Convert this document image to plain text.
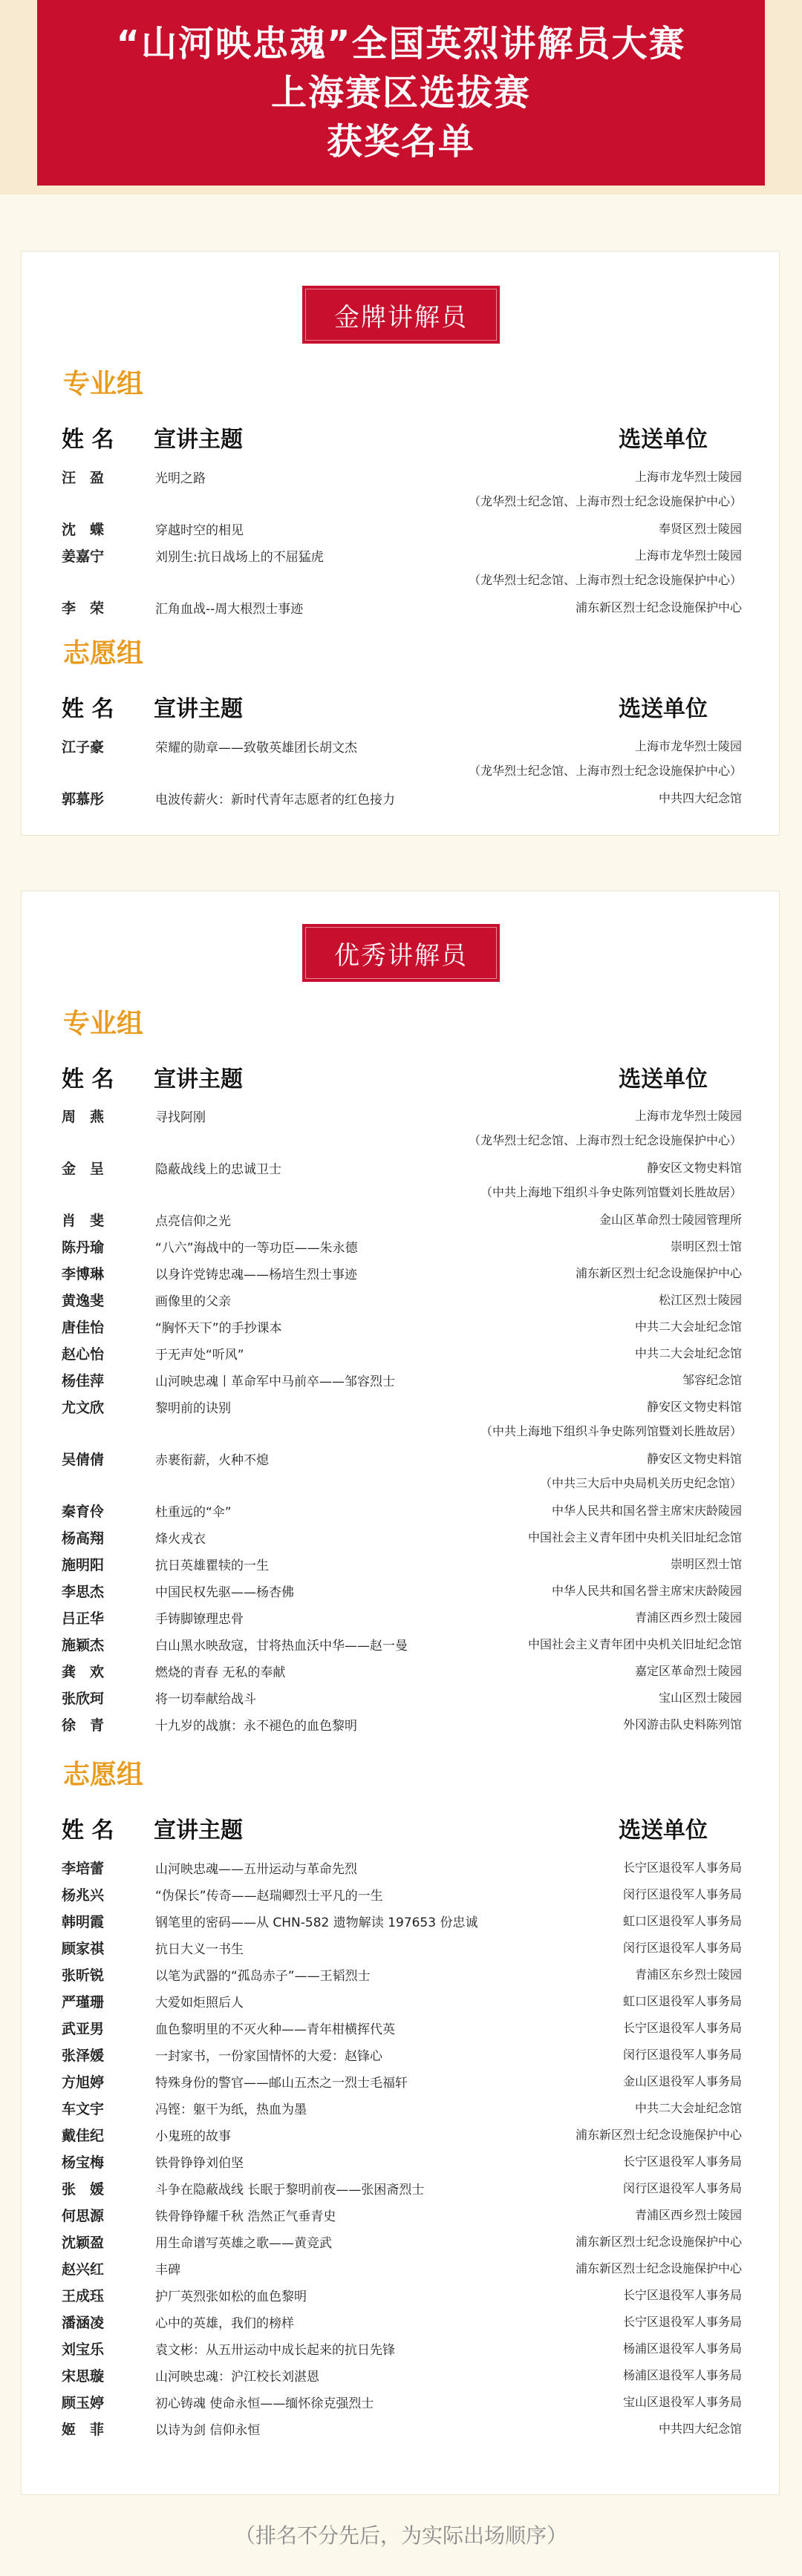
“山河映忠魂”全国英烈讲解员大赛
上海赛区选拔赛
获奖名单
金牌讲解员
专业组
姓 名 宣讲主题	选送单位
汪　盈	光明之路	上海市龙华烈士陵园
（龙华烈士纪念馆、上海市烈士纪念设施保护中心）
沈　蝶	穿越时空的相见	奉贤区烈士陵园
姜嘉宁	刘别生:抗日战场上的不屈猛虎	上海市龙华烈士陵园
（龙华烈士纪念馆、上海市烈士纪念设施保护中心）
李　荣	汇角血战--周大根烈士事迹	浦东新区烈士纪念设施保护中心
志愿组
姓 名 宣讲主题	选送单位
江子豪	荣耀的勋章——致敬英雄团长胡文杰	上海市龙华烈士陵园
（龙华烈士纪念馆、上海市烈士纪念设施保护中心）
郭慕彤	电波传薪火：新时代青年志愿者的红色接力	中共四大纪念馆
优秀讲解员
专业组
姓 名 宣讲主题	选送单位
周　燕	寻找阿刚	上海市龙华烈士陵园
（龙华烈士纪念馆、上海市烈士纪念设施保护中心）
金　呈	隐蔽战线上的忠诚卫士	静安区文物史料馆
（中共上海地下组织斗争史陈列馆暨刘长胜故居）
肖　斐	点亮信仰之光	金山区革命烈士陵园管理所
陈丹瑜	“八六”海战中的一等功臣——朱永德	崇明区烈士馆
李博琳	以身许党铸忠魂——杨培生烈士事迹	浦东新区烈士纪念设施保护中心
黄逸斐	画像里的父亲	松江区烈士陵园
唐佳怡	“胸怀天下”的手抄课本	中共二大会址纪念馆
赵心怡	于无声处“听风”	中共二大会址纪念馆
杨佳萍	山河映忠魂丨革命军中马前卒——邹容烈士	邹容纪念馆
尤文欣	黎明前的诀别	静安区文物史料馆
（中共上海地下组织斗争史陈列馆暨刘长胜故居）
吴倩倩	赤裹衔薪，火种不熄	静安区文物史料馆
（中共三大后中央局机关历史纪念馆）
秦育伶	杜重远的“伞”	中华人民共和国名誉主席宋庆龄陵园
杨高翔	烽火戎衣	中国社会主义青年团中央机关旧址纪念馆
施明阳	抗日英雄瞿犊的一生	崇明区烈士馆
李思杰	中国民权先驱——杨杏佛	中华人民共和国名誉主席宋庆龄陵园
吕正华	手铸脚镣理忠骨	青浦区西乡烈士陵园
施颖杰	白山黑水映敌寇，甘将热血沃中华——赵一曼	中国社会主义青年团中央机关旧址纪念馆
龚　欢	燃烧的青春 无私的奉献	嘉定区革命烈士陵园
张欣珂	将一切奉献给战斗	宝山区烈士陵园
徐　青	十九岁的战旗：永不褪色的血色黎明	外冈游击队史料陈列馆
志愿组
姓 名 宣讲主题	选送单位
李培蕾	山河映忠魂——五卅运动与革命先烈	长宁区退役军人事务局
杨兆兴	“伪保长”传奇——赵瑞卿烈士平凡的一生	闵行区退役军人事务局
韩明霞	钢笔里的密码——从 CHN-582 遗物解读 197653 份忠诚	虹口区退役军人事务局
顾家祺	抗日大义一书生	闵行区退役军人事务局
张昕锐	以笔为武器的“孤岛赤子”——王韬烈士	青浦区东乡烈士陵园
严瑾珊	大爱如炬照后人	虹口区退役军人事务局
武亚男	血色黎明里的不灭火种——青年柑横挥代英	长宁区退役军人事务局
张泽媛	一封家书，一份家国情怀的大爱：赵锋心	闵行区退役军人事务局
方旭婷	特殊身份的警官——邮山五杰之一烈士毛福轩	金山区退役军人事务局
车文宇	冯铿：躯干为纸，热血为墨	中共二大会址纪念馆
戴佳纪	小鬼班的故事	浦东新区烈士纪念设施保护中心
杨宝梅	铁骨铮铮刘伯坚	长宁区退役军人事务局
张　媛	斗争在隐蔽战线 长眠于黎明前夜——张困斋烈士	闵行区退役军人事务局
何思源	铁骨铮铮耀千秋 浩然正气垂青史	青浦区西乡烈士陵园
沈颖盈	用生命谱写英雄之歌——黄竞武	浦东新区烈士纪念设施保护中心
赵兴红	丰碑	浦东新区烈士纪念设施保护中心
王成珏	护厂英烈张如松的血色黎明	长宁区退役军人事务局
潘涵凌	心中的英雄，我们的榜样	长宁区退役军人事务局
刘宝乐	袁文彬：从五卅运动中成长起来的抗日先锋	杨浦区退役军人事务局
宋思璇	山河映忠魂：沪江校长刘湛恩	杨浦区退役军人事务局
顾玉婷	初心铸魂 使命永恒——缅怀徐克强烈士	宝山区退役军人事务局
姬　菲	以诗为剑 信仰永恒	中共四大纪念馆
（排名不分先后，为实际出场顺序）
